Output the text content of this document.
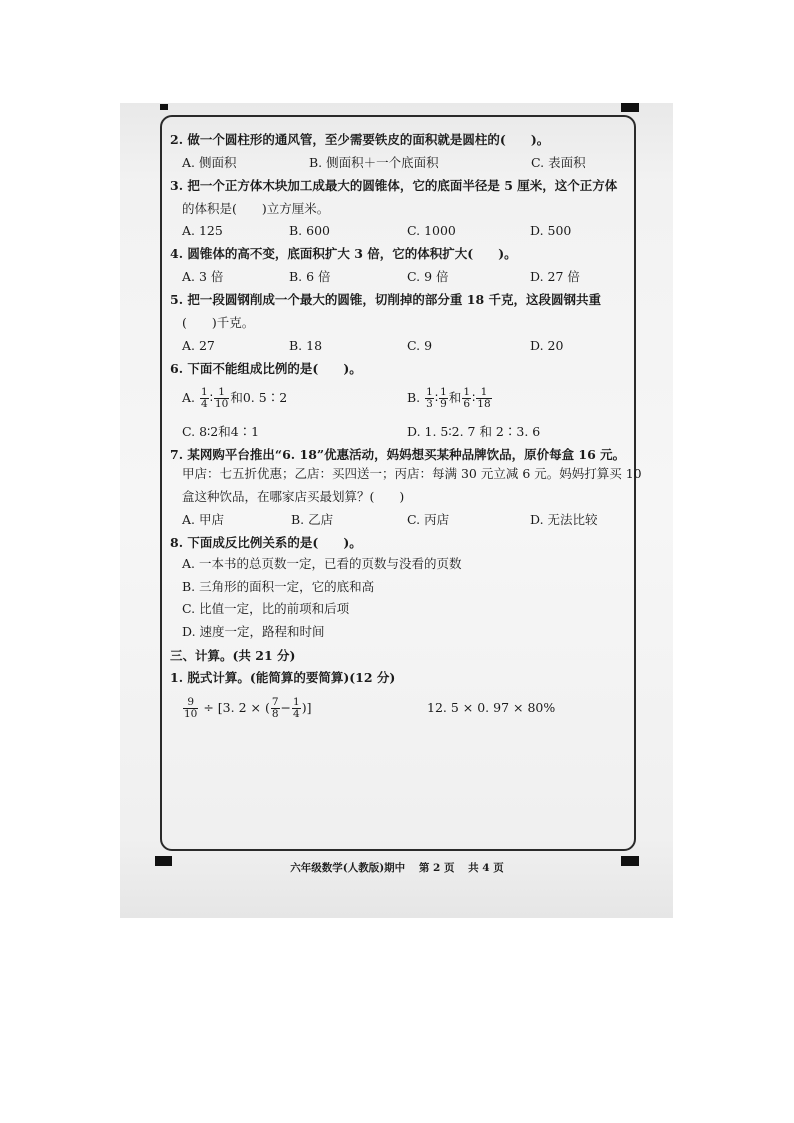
2. 做一个圆柱形的通风管，至少需要铁皮的面积就是圆柱的(　　)。
A. 侧面积	B. 侧面积＋一个底面积	C. 表面积
3. 把一个正方体木块加工成最大的圆锥体，它的底面半径是 5 厘米，这个正方体
的体积是(　　)立方厘米。
A. 125	B. 600	C. 1000	D. 500
4. 圆锥体的高不变，底面积扩大 3 倍，它的体积扩大(　　)。
A. 3 倍	B. 6 倍	C. 9 倍	D. 27 倍
5. 把一段圆钢削成一个最大的圆锥，切削掉的部分重 18 千克，这段圆钢共重
(　　)千克。
A. 27	B. 18	C. 9	D. 20
6. 下面不能组成比例的是(　　)。
A. $\frac{1}{4}$ ∶ $\frac{1}{10}$ 和0. 5∶2	B. $\frac{1}{3}$ ∶ $\frac{1}{9}$ 和 $\frac{1}{6}$ ∶ $\frac{1}{18}$
C. 8∶2和4∶1	D. 1. 5∶2. 7 和 2∶3. 6
7. 某网购平台推出“6. 18”优惠活动，妈妈想买某种品牌饮品，原价每盒 16 元。
甲店：七五折优惠；乙店：买四送一；丙店：每满 30 元立减 6 元。妈妈打算买 10
盒这种饮品，在哪家店买最划算？(　　)
A. 甲店	B. 乙店	C. 丙店	D. 无法比较
8. 下面成反比例关系的是(　　)。
A. 一本书的总页数一定，已看的页数与没看的页数
B. 三角形的面积一定，它的底和高
C. 比值一定，比的前项和后项
D. 速度一定，路程和时间
三、计算。(共 21 分)
1. 脱式计算。(能简算的要简算)(12 分)
$\frac{9}{10} \div [3$. 2 × ( $\frac{7}{8} - \frac{1}{4}$ )]	12. 5 × 0. 97 × 80%
六年级数学(人教版)期中 第 2 页 共 4 页
